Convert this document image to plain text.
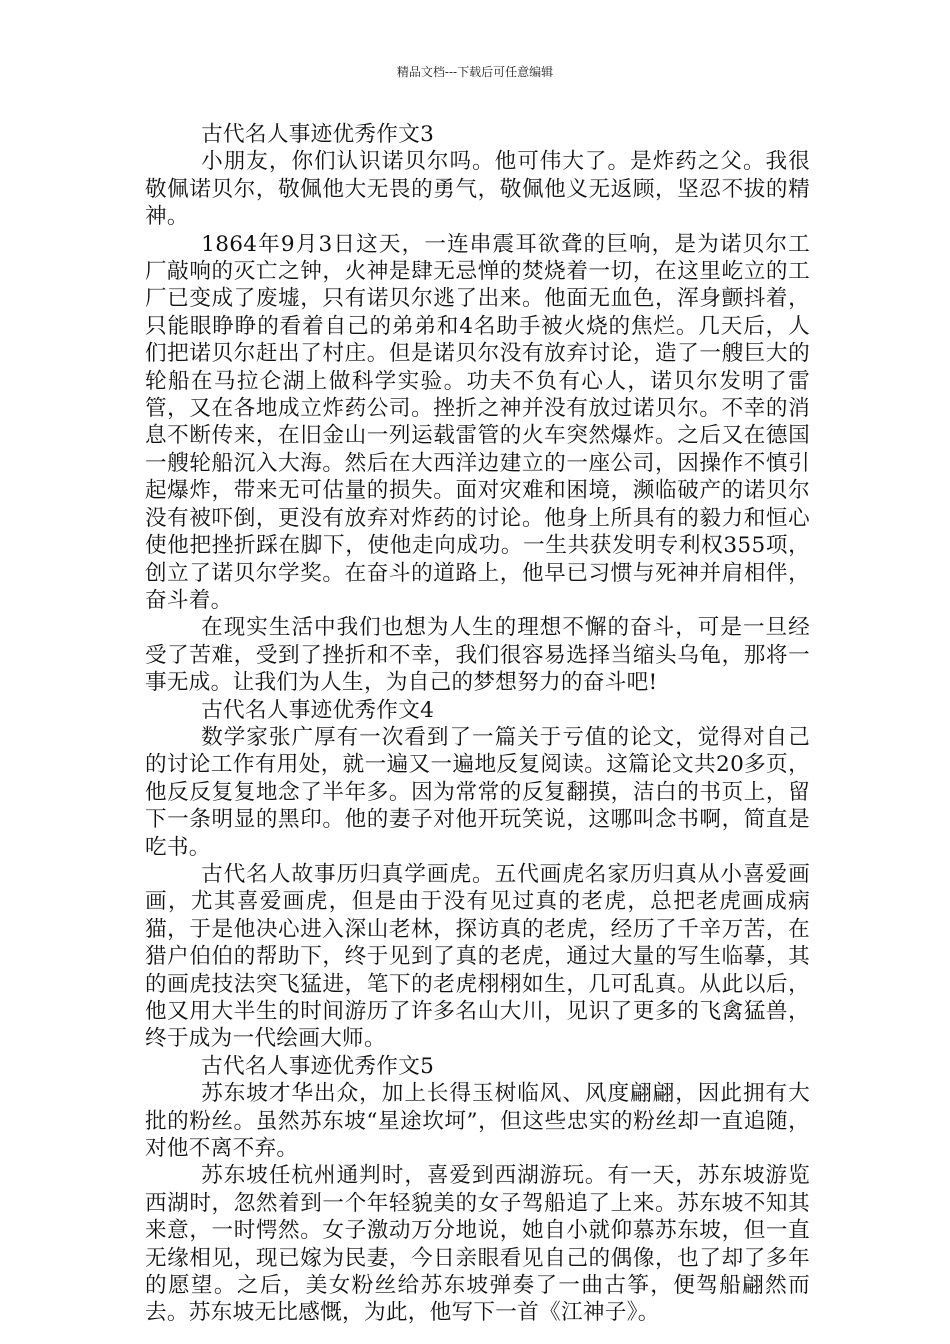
精品文档---下载后可任意编辑

古代名人事迹优秀作文3

小朋友，你们认识诺贝尔吗。他可伟大了。是炸药之父。我很敬佩诺贝尔，敬佩他大无畏的勇气，敬佩他义无返顾，坚忍不拔的精神。

1864年9月3日这天，一连串震耳欲聋的巨响，是为诺贝尔工厂敲响的灭亡之钟，火神是肆无忌惮的焚烧着一切，在这里屹立的工厂已变成了废墟，只有诺贝尔逃了出来。他面无血色，浑身颤抖着，只能眼睁睁的看着自己的弟弟和4名助手被火烧的焦烂。几天后，人们把诺贝尔赶出了村庄。但是诺贝尔没有放弃讨论，造了一艘巨大的轮船在马拉仑湖上做科学实验。功夫不负有心人，诺贝尔发明了雷管，又在各地成立炸药公司。挫折之神并没有放过诺贝尔。不幸的消息不断传来，在旧金山一列运载雷管的火车突然爆炸。之后又在德国一艘轮船沉入大海。然后在大西洋边建立的一座公司，因操作不慎引起爆炸，带来无可估量的损失。面对灾难和困境，濒临破产的诺贝尔没有被吓倒，更没有放弃对炸药的讨论。他身上所具有的毅力和恒心使他把挫折踩在脚下，使他走向成功。一生共获发明专利权355项，创立了诺贝尔学奖。在奋斗的道路上，他早已习惯与死神并肩相伴，奋斗着。

在现实生活中我们也想为人生的理想不懈的奋斗，可是一旦经受了苦难，受到了挫折和不幸，我们很容易选择当缩头乌龟，那将一事无成。让我们为人生，为自己的梦想努力的奋斗吧!

古代名人事迹优秀作文4

数学家张广厚有一次看到了一篇关于亏值的论文，觉得对自己的讨论工作有用处，就一遍又一遍地反复阅读。这篇论文共20多页，他反反复复地念了半年多。因为常常的反复翻摸，洁白的书页上，留下一条明显的黑印。他的妻子对他开玩笑说，这哪叫念书啊，简直是吃书。

古代名人故事历归真学画虎。五代画虎名家历归真从小喜爱画画，尤其喜爱画虎，但是由于没有见过真的老虎，总把老虎画成病猫，于是他决心进入深山老林，探访真的老虎，经历了千辛万苦，在猎户伯伯的帮助下，终于见到了真的老虎，通过大量的写生临摹，其的画虎技法突飞猛进，笔下的老虎栩栩如生，几可乱真。从此以后，他又用大半生的时间游历了许多名山大川，见识了更多的飞禽猛兽，终于成为一代绘画大师。

古代名人事迹优秀作文5

苏东坡才华出众，加上长得玉树临风、风度翩翩，因此拥有大批的粉丝。虽然苏东坡“星途坎坷”，但这些忠实的粉丝却一直追随，对他不离不弃。

苏东坡任杭州通判时，喜爱到西湖游玩。有一天，苏东坡游览西湖时，忽然着到一个年轻貌美的女子驾船追了上来。苏东坡不知其来意，一时愕然。女子激动万分地说，她自小就仰慕苏东坡，但一直无缘相见，现已嫁为民妻，今日亲眼看见自己的偶像，也了却了多年的愿望。之后，美女粉丝给苏东坡弹奏了一曲古筝，便驾船翩然而去。苏东坡无比感慨，为此，他写下一首《江神子》。
